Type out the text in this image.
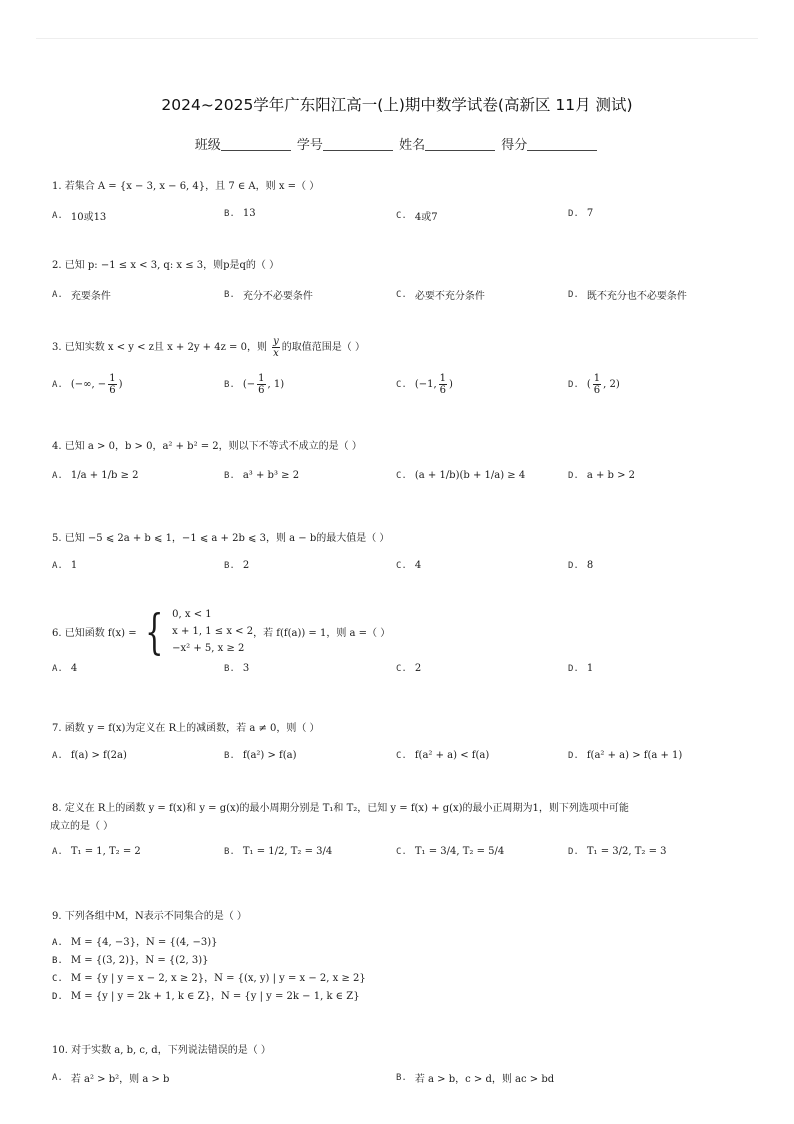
2024~2025学年广东阳江高一(上)期中数学试卷(高新区 11月 测试)
班级	学号	姓名	得分
1. 若集合 A = {x − 3, x − 6, 4}，且 7 ∈ A，则 x =（ ）
A. 10或13	B. 13	C. 4或7	D. 7
2. 已知 p: −1 ≤ x < 3, q: x ≤ 3，则p是q的（ ）
A. 充要条件	B. 充分不必要条件	C. 必要不充分条件	D. 既不充分也不必要条件
3. 已知实数 x < y < z且 x + 2y + 4z = 0，则 $\frac{y}{x}$ 的取值范围是（ ）
A. (−∞, − $\frac{1}{6}$ )	B. (− $\frac{1}{6}$ , 1)	C. (−1, $\frac{1}{6}$ )	D. ( $\frac{1}{6}$ , 2)
4. 已知 a > 0，b > 0，a² + b² = 2，则以下不等式不成立的是（ ）
A. 1/a + 1/b ≥ 2	B. a³ + b³ ≥ 2	C. (a + 1/b)(b + 1/a) ≥ 4	D. a + b > 2
5. 已知 −5 ⩽ 2a + b ⩽ 1，−1 ⩽ a + 2b ⩽ 3，则 a − b的最大值是（ ）
A. 1	B. 2	C. 4	D. 8
6. 已知函数 f(x) = { 0, x < 1
x + 1, 1 ≤ x < 2
−x² + 5, x ≥ 2
，若 f(f(a)) = 1，则 a =（ ）
A. 4	B. 3	C. 2	D. 1
7. 函数 y = f(x)为定义在 R上的减函数，若 a ≠ 0，则（ ）
A. f(a) > f(2a)	B. f(a²) > f(a)	C. f(a² + a) < f(a)	D. f(a² + a) > f(a + 1)
8. 定义在 R上的函数 y = f(x)和 y = g(x)的最小周期分别是 T₁和 T₂，已知 y = f(x) + g(x)的最小正周期为1，则下列选项中可能
成立的是（ ）
A. T₁ = 1, T₂ = 2	B. T₁ = 1/2, T₂ = 3/4	C. T₁ = 3/4, T₂ = 5/4	D. T₁ = 3/2, T₂ = 3
9. 下列各组中M，N表示不同集合的是（ ）
A. M = {4, −3}，N = {(4, −3)}
B. M = {(3, 2)}，N = {(2, 3)}
C. M = {y | y = x − 2, x ≥ 2}，N = {(x, y) | y = x − 2, x ≥ 2}
D. M = {y | y = 2k + 1, k ∈ Z}，N = {y | y = 2k − 1, k ∈ Z}
10. 对于实数 a, b, c, d，下列说法错误的是（ ）
A. 若 a² > b²，则 a > b	B. 若 a > b，c > d，则 ac > bd
